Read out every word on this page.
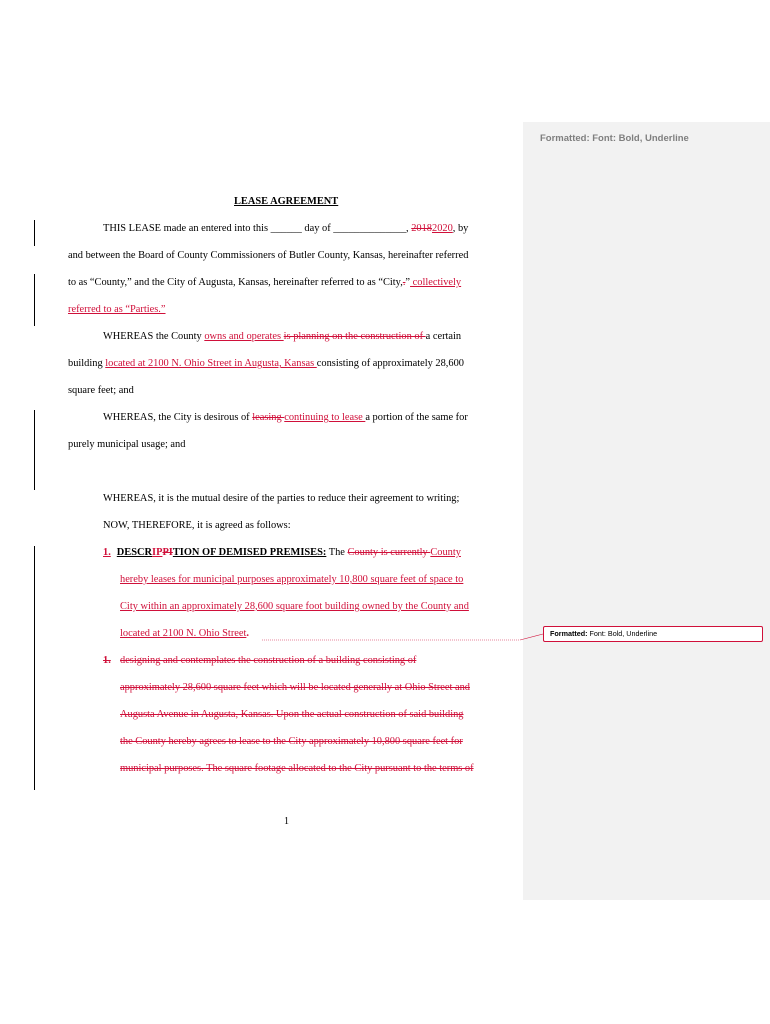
LEASE AGREEMENT
THIS LEASE made an entered into this ______ day of ______________, 20182020, by
and between the Board of County Commissioners of Butler County, Kansas, hereinafter referred
to as “County,” and the City of Augusta, Kansas, hereinafter referred to as “City,.” collectively
referred to as “Parties.”
WHEREAS the County owns and operates is planning on the construction of a certain
building located at 2100 N. Ohio Street in Augusta, Kansas consisting of approximately 28,600
square feet; and
WHEREAS, the City is desirous of leasing continuing to lease a portion of the same for
purely municipal usage; and
WHEREAS, it is the mutual desire of the parties to reduce their agreement to writing;
NOW, THEREFORE, it is agreed as follows:
1. DESCRIPPITION OF DEMISED PREMISES: The County is currently County
hereby leases for municipal purposes approximately 10,800 square feet of space to
City within an approximately 28,600 square foot building owned by the County and
located at 2100 N. Ohio Street.
1. designing and contemplates the construction of a building consisting of
approximately 28,600 square feet which will be located generally at Ohio Street and
Augusta Avenue in Augusta, Kansas. Upon the actual construction of said building
the County hereby agrees to lease to the City approximately 10,800 square feet for
municipal purposes. The square footage allocated to the City pursuant to the terms of
1
Formatted: Font: Bold, Underline
Formatted: Font: Bold, Underline
